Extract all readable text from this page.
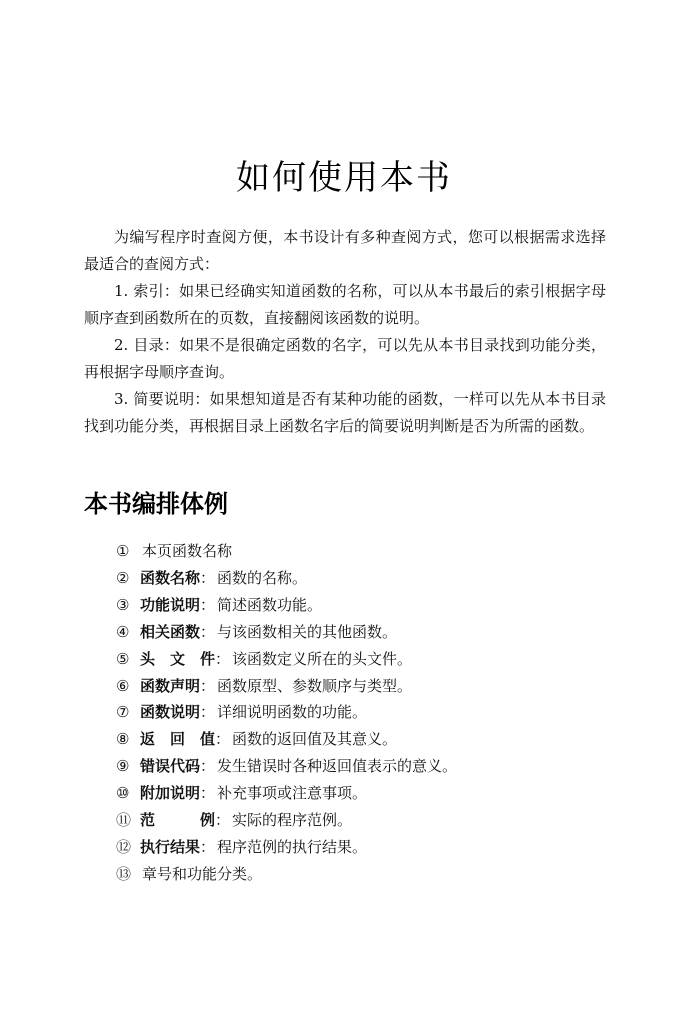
如何使用本书

为编写程序时查阅方便，本书设计有多种查阅方式，您可以根据需求选择最适合的查阅方式：

1. 索引：如果已经确实知道函数的名称，可以从本书最后的索引根据字母顺序查到函数所在的页数，直接翻阅该函数的说明。

2. 目录：如果不是很确定函数的名字，可以先从本书目录找到功能分类，再根据字母顺序查询。

3. 简要说明：如果想知道是否有某种功能的函数，一样可以先从本书目录找到功能分类，再根据目录上函数名字后的简要说明判断是否为所需的函数。

本书编排体例
① 本页函数名称
② 函数名称： 函数的名称。
③ 功能说明： 简述函数功能。
④ 相关函数： 与该函数相关的其他函数。
⑤ 头　文　件： 该函数定义所在的头文件。
⑥ 函数声明： 函数原型、参数顺序与类型。
⑦ 函数说明： 详细说明函数的功能。
⑧ 返　回　值： 函数的返回值及其意义。
⑨ 错误代码： 发生错误时各种返回值表示的意义。
⑩ 附加说明： 补充事项或注意事项。
⑪ 范　　　例： 实际的程序范例。
⑫ 执行结果： 程序范例的执行结果。
⑬ 章号和功能分类。
